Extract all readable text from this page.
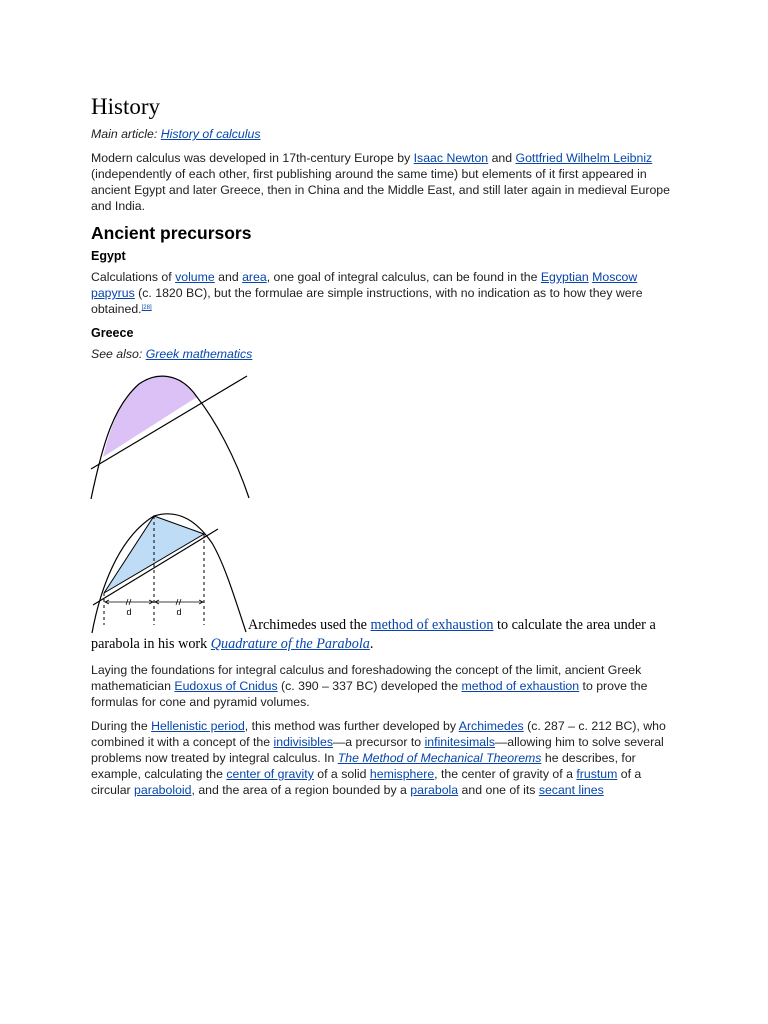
History
Main article: History of calculus

Modern calculus was developed in 17th-century Europe by Isaac Newton and Gottfried Wilhelm Leibniz (independently of each other, first publishing around the same time) but elements of it first appeared in ancient Egypt and later Greece, then in China and the Middle East, and still later again in medieval Europe and India.

Ancient precursors
Egypt

Calculations of volume and area, one goal of integral calculus, can be found in the Egyptian Moscow papyrus (c. 1820 BC), but the formulae are simple instructions, with no indication as to how they were obtained.[28]

Greece
See also: Greek mathematics
d	d
Archimedes used the method of exhaustion to calculate the area under a parabola in his work Quadrature of the Parabola.

Laying the foundations for integral calculus and foreshadowing the concept of the limit, ancient Greek mathematician Eudoxus of Cnidus (c. 390 – 337 BC) developed the method of exhaustion to prove the formulas for cone and pyramid volumes.

During the Hellenistic period, this method was further developed by Archimedes (c. 287 – c. 212 BC), who combined it with a concept of the indivisibles—a precursor to infinitesimals—allowing him to solve several problems now treated by integral calculus. In The Method of Mechanical Theorems he describes, for example, calculating the center of gravity of a solid hemisphere, the center of gravity of a frustum of a circular paraboloid, and the area of a region bounded by a parabola and one of its secant lines
